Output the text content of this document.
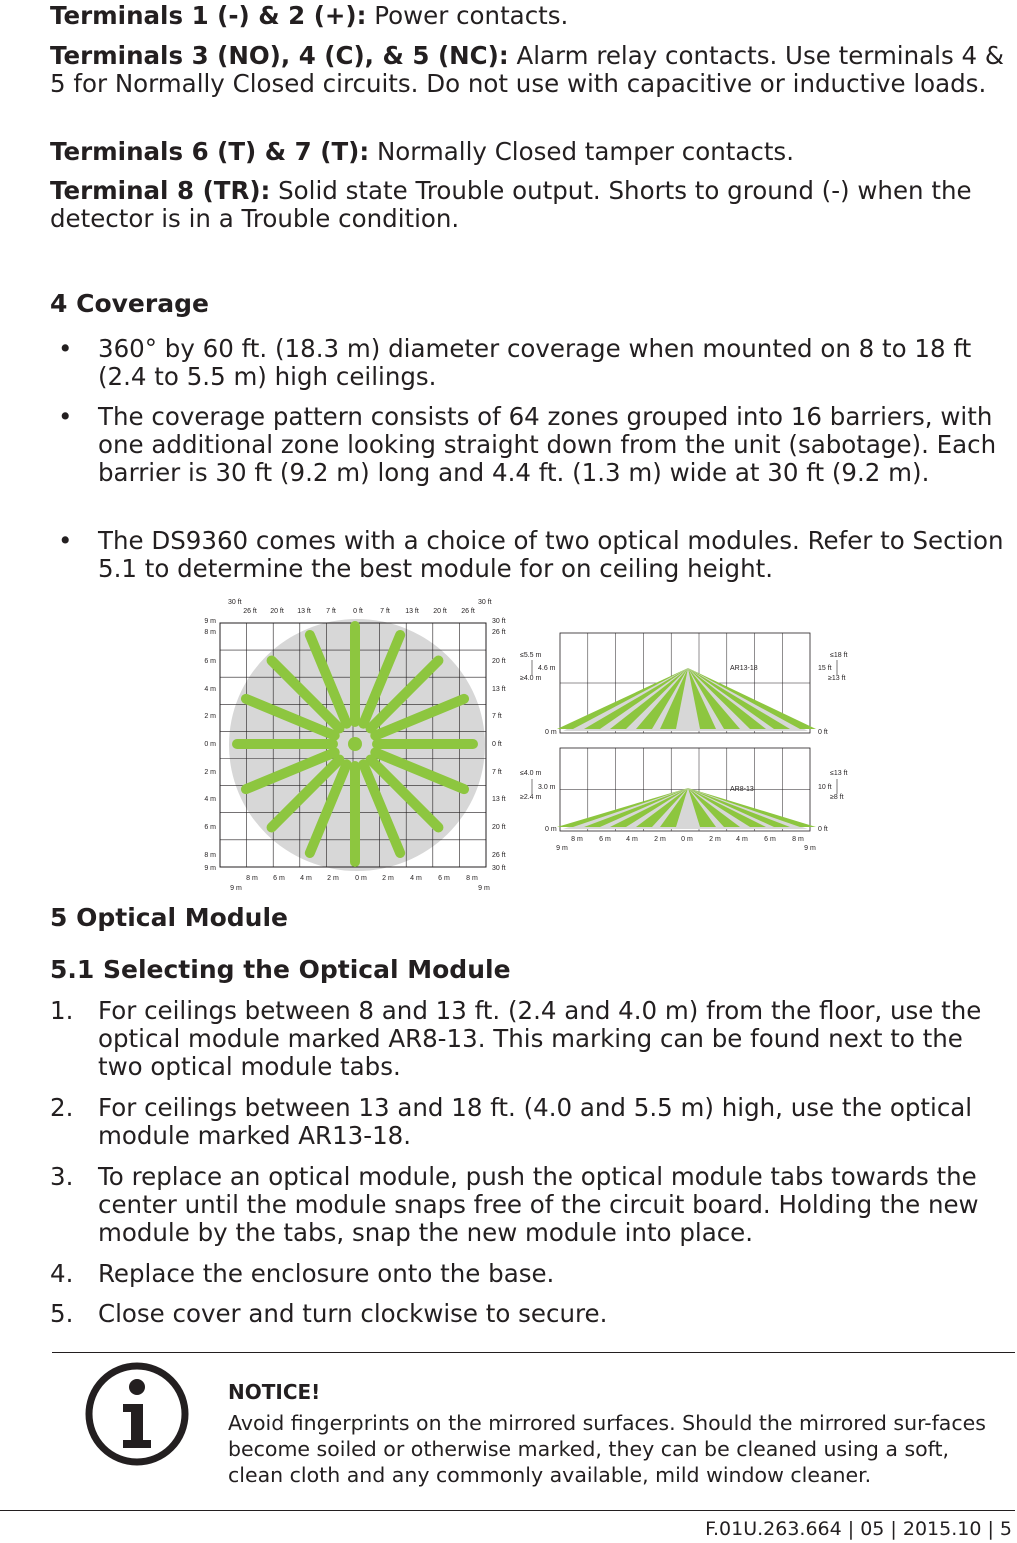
Terminals 1 (-) & 2 (+): Power contacts.

Terminals 3 (NO), 4 (C), & 5 (NC): Alarm relay contacts. Use terminals 4 & 5 for Normally Closed circuits. Do not use with capacitive or inductive loads.

Terminals 6 (T) & 7 (T): Normally Closed tamper contacts.

Terminal 8 (TR): Solid state Trouble output. Shorts to ground (-) when the detector is in a Trouble condition.

4 Coverage
•	360° by 60 ft. (18.3 m) diameter coverage when mounted on 8 to 18 ft (2.4 to 5.5 m) high ceilings.
•	The coverage pattern consists of 64 zones grouped into 16 barriers, with one additional zone looking straight down from the unit (sabotage). Each barrier is 30 ft (9.2 m) long and 4.4 ft. (1.3 m) wide at 30 ft (9.2 m).
•	The DS9360 comes with a choice of two optical modules. Refer to Section 5.1 to determine the best module for on ceiling height.
30 ft	30 ft
26 ft 20 ft 13 ft 7 ft 0 ft 7 ft 13 ft 20 ft 26 ft
9 m
8 m
6 m
4 m
2 m
0 m
2 m
4 m
6 m
8 m
9 m
30 ft
26 ft
20 ft
13 ft
7 ft
0 ft
7 ft
13 ft
20 ft
26 ft
30 ft
8 m 6 m 4 m 2 m 0 m 2 m 4 m 6 m 8 m
9 m	9 m
≤5.5 m
4.6 m
≥4.0 m
≤18 ft
15 ft
≥13 ft
0 m	0 ft
AR13-18
≤4.0 m
3.0 m
≥2.4 m
≤13 ft
10 ft
≥8 ft
0 m	0 ft
AR8-13
8 m 6 m 4 m 2 m 0 m 2 m 4 m 6 m 8 m
9 m	9 m
5 Optical Module
5.1 Selecting the Optical Module
1.	For ceilings between 8 and 13 ft. (2.4 and 4.0 m) from the floor, use the optical module marked AR8-13. This marking can be found next to the two optical module tabs.
2.	For ceilings between 13 and 18 ft. (4.0 and 5.5 m) high, use the optical module marked AR13-18.
3.	To replace an optical module, push the optical module tabs towards the center until the module snaps free of the circuit board. Holding the new module by the tabs, snap the new module into place.
4.	Replace the enclosure onto the base.
5.	Close cover and turn clockwise to secure.
NOTICE!
Avoid fingerprints on the mirrored surfaces. Should the mirrored sur-faces become soiled or otherwise marked, they can be cleaned using a soft, clean cloth and any commonly available, mild window cleaner.
F.01U.263.664 | 05 | 2015.10 | 5
